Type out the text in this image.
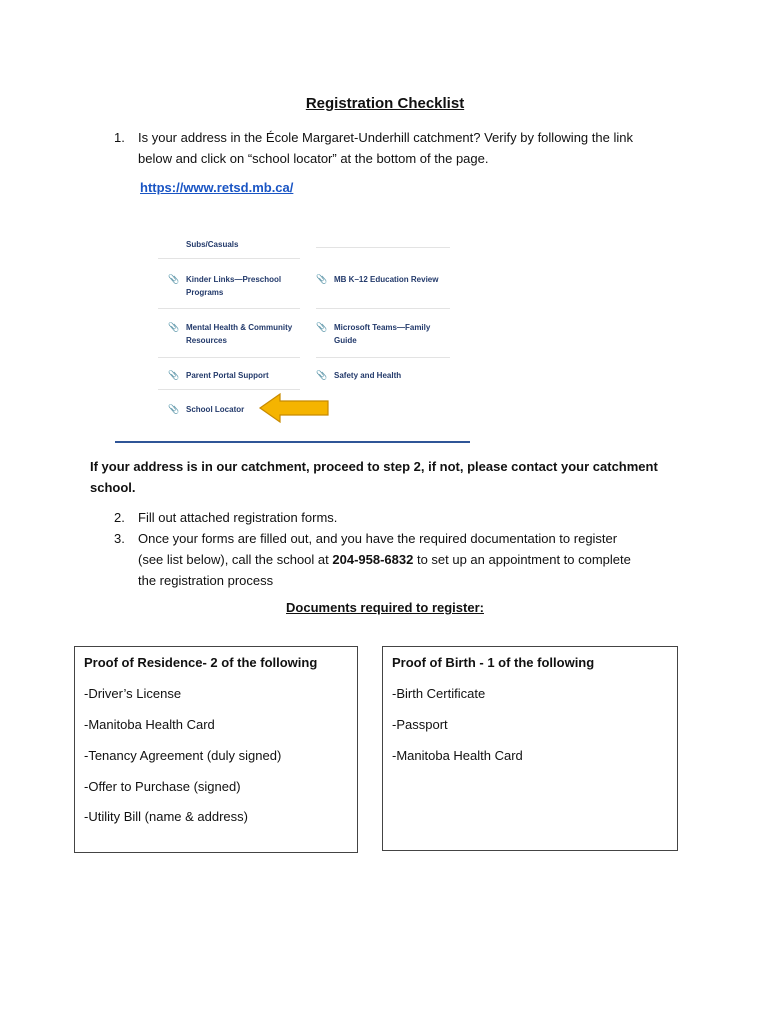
Registration Checklist
1. Is your address in the École Margaret-Underhill catchment? Verify by following the link
below and click on “school locator” at the bottom of the page.
https://www.retsd.mb.ca/
Subs/Casuals
📎 Kinder Links—Preschool
Programs
📎 MB K–12 Education Review
📎 Mental Health & Community
Resources
📎 Microsoft Teams—Family
Guide
📎 Parent Portal Support	📎 Safety and Health
📎 School Locator
If your address is in our catchment, proceed to step 2, if not, please contact your catchment
school.
2. Fill out attached registration forms.
3. Once your forms are filled out, and you have the required documentation to register
(see list below), call the school at 204-958-6832 to set up an appointment to complete
the registration process
Documents required to register:
Proof of Residence- 2 of the following
-Driver’s License
-Manitoba Health Card
-Tenancy Agreement (duly signed)
-Offer to Purchase (signed)
-Utility Bill (name & address)
Proof of Birth - 1 of the following
-Birth Certificate
-Passport
-Manitoba Health Card
